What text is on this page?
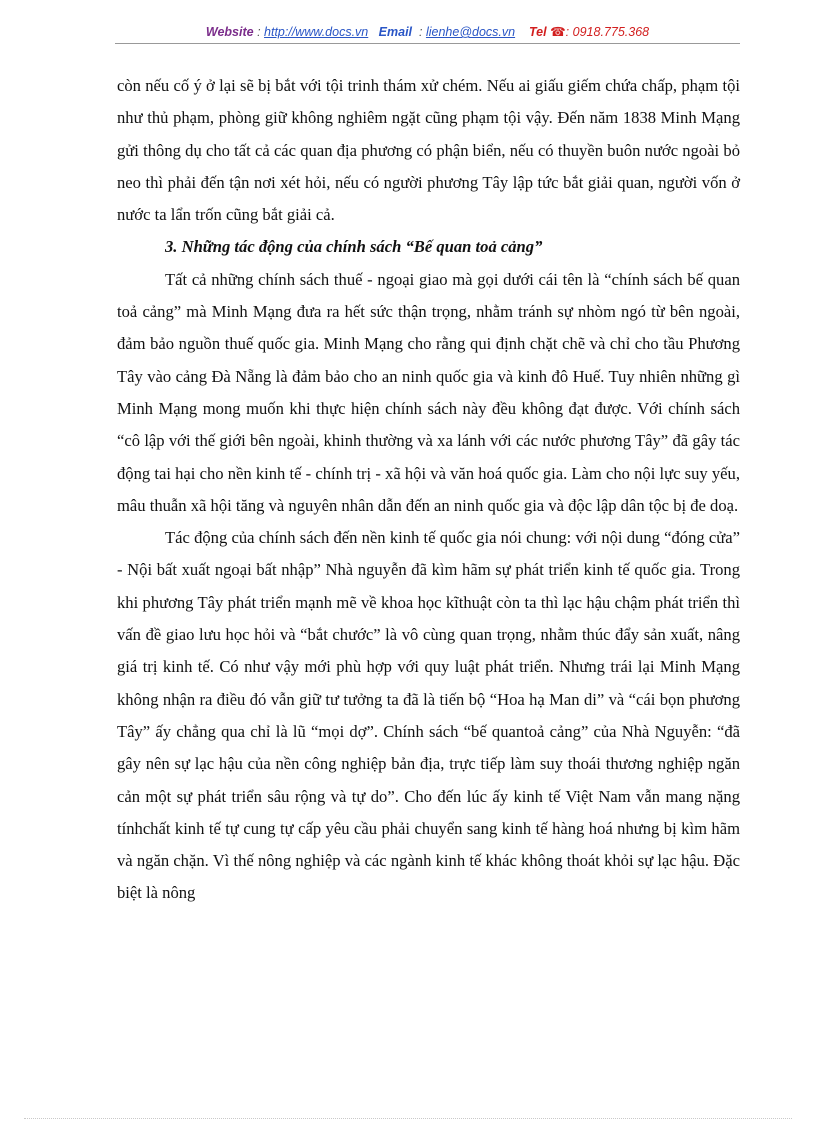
Website : http://www.docs.vn Email : lienhe@docs.vn Tel ☎: 0918.775.368

còn nếu cố ý ở lại sẽ bị bắt với tội trinh thám xử chém. Nếu ai giấu giếm chứa chấp, phạm tội như thủ phạm, phòng giữ không nghiêm ngặt cũng phạm tội vậy. Đến năm 1838 Minh Mạng gửi thông dụ cho tất cả các quan địa phương có phận biển, nếu có thuyền buôn nước ngoài bỏ neo thì phải đến tận nơi xét hỏi, nếu có người phương Tây lập tức bắt giải quan, người vốn ở nước ta lẩn trốn cũng bắt giải cả.

3. Những tác động của chính sách “Bế quan toả cảng”

Tất cả những chính sách thuế - ngoại giao mà gọi dưới cái tên là “chính sách bế quan toả cảng” mà Minh Mạng đưa ra hết sức thận trọng, nhằm tránh sự nhòm ngó từ bên ngoài, đảm bảo nguồn thuế quốc gia. Minh Mạng cho rằng qui định chặt chẽ và chỉ cho tầu Phương Tây vào cảng Đà Nẵng là đảm bảo cho an ninh quốc gia và kinh đô Huế. Tuy nhiên những gì Minh Mạng mong muốn khi thực hiện chính sách này đều không đạt được. Với chính sách “cô lập với thế giới bên ngoài, khinh thường và xa lánh với các nước phương Tây” đã gây tác động tai hại cho nền kinh tế - chính trị - xã hội và văn hoá quốc gia. Làm cho nội lực suy yếu, mâu thuẫn xã hội tăng và nguyên nhân dẫn đến an ninh quốc gia và độc lập dân tộc bị đe doạ.

Tác động của chính sách đến nền kinh tế quốc gia nói chung: với nội dung “đóng cửa” - Nội bất xuất ngoại bất nhập” Nhà nguyễn đã kìm hãm sự phát triển kinh tế quốc gia. Trong khi phương Tây phát triển mạnh mẽ về khoa học kĩthuật còn ta thì lạc hậu chậm phát triển thì vấn đề giao lưu học hỏi và “bắt chước” là vô cùng quan trọng, nhằm thúc đẩy sản xuất, nâng giá trị kinh tế. Có như vậy mới phù hợp với quy luật phát triển. Nhưng trái lại Minh Mạng không nhận ra điều đó vẫn giữ tư tưởng ta đã là tiến bộ “Hoa hạ Man di” và “cái bọn phương Tây” ấy chẳng qua chỉ là lũ “mọi dợ”. Chính sách “bế quantoả cảng” của Nhà Nguyễn: “đã gây nên sự lạc hậu của nền công nghiệp bản địa, trực tiếp làm suy thoái thương nghiệp ngăn cản một sự phát triển sâu rộng và tự do”. Cho đến lúc ấy kinh tế Việt Nam vẫn mang nặng tínhchất kinh tế tự cung tự cấp yêu cầu phải chuyển sang kinh tế hàng hoá nhưng bị kìm hãm và ngăn chặn. Vì thế nông nghiệp và các ngành kinh tế khác không thoát khỏi sự lạc hậu. Đặc biệt là nông
